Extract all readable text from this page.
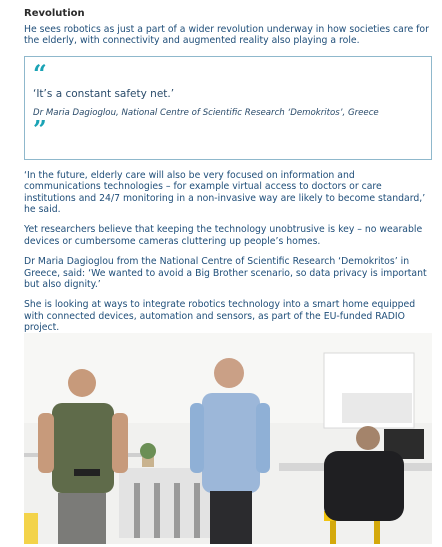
Revolution

He sees robotics as just a part of a wider revolution underway in how societies care for the elderly, with connectivity and augmented reality also playing a role.

“
‘It’s a constant safety net.’
Dr Maria Dagioglou, National Centre of Scientific Research ‘Demokritos’, Greece
”

‘In the future, elderly care will also be very focused on information and communications technologies – for example virtual access to doctors or care institutions and 24/7 monitoring in a non-invasive way are likely to become standard,’ he said.

Yet researchers believe that keeping the technology unobtrusive is key – no wearable devices or cumbersome cameras cluttering up people’s homes.

Dr Maria Dagioglou from the National Centre of Scientific Research ‘Demokritos’ in Greece, said: ‘We wanted to avoid a Big Brother scenario, so data privacy is important but also dignity.’

She is looking at ways to integrate robotics technology into a smart home equipped with connected devices, automation and sensors, as part of the EU-funded RADIO project.
